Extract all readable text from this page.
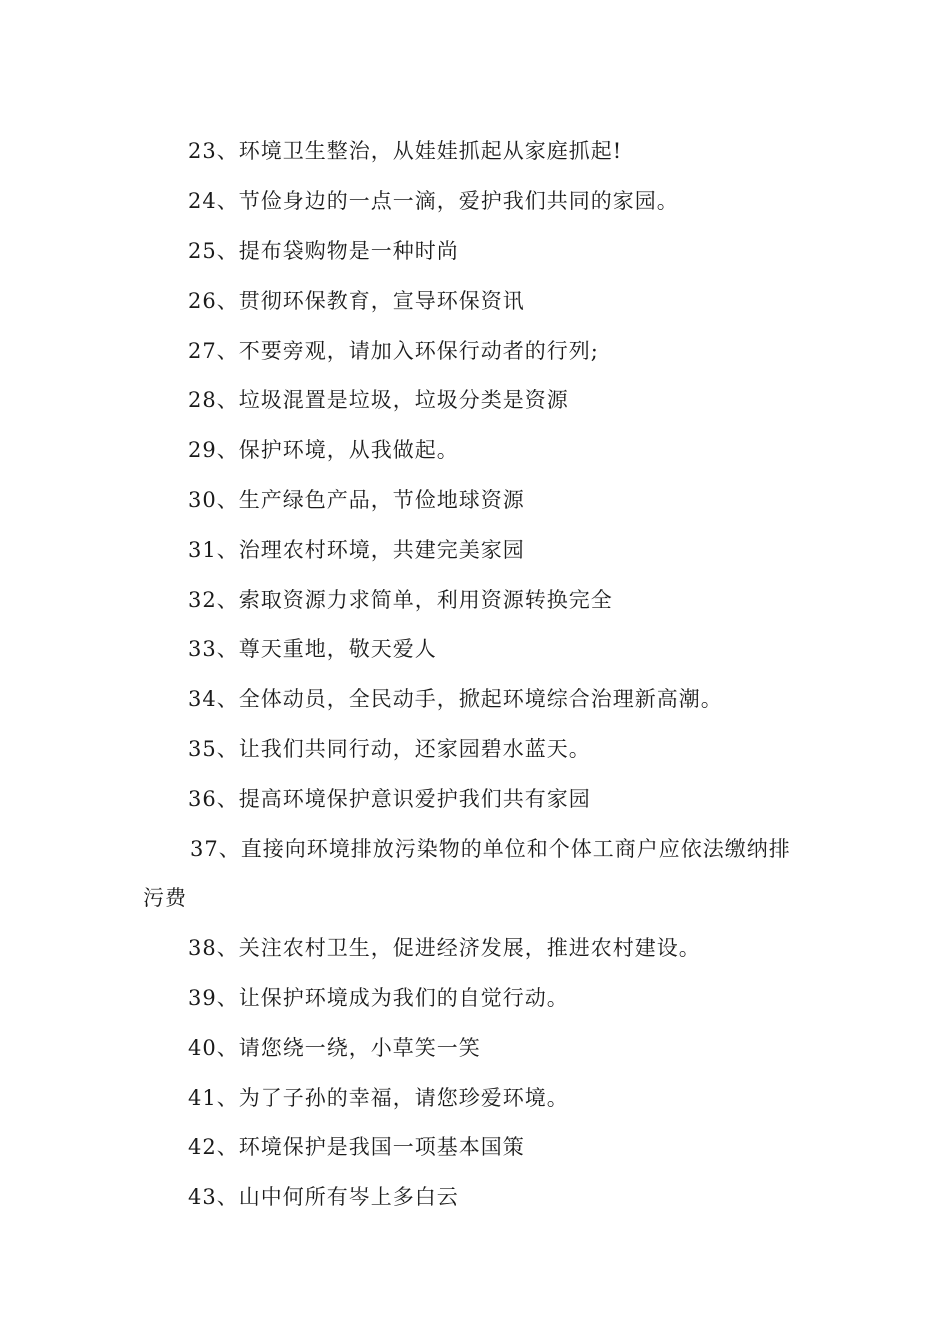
23、环境卫生整治，从娃娃抓起从家庭抓起!
24、节俭身边的一点一滴，爱护我们共同的家园。
25、提布袋购物是一种时尚
26、贯彻环保教育，宣导环保资讯
27、不要旁观，请加入环保行动者的行列;
28、垃圾混置是垃圾，垃圾分类是资源
29、保护环境，从我做起。
30、生产绿色产品，节俭地球资源
31、治理农村环境，共建完美家园
32、索取资源力求简单，利用资源转换完全
33、尊天重地，敬天爱人
34、全体动员，全民动手，掀起环境综合治理新高潮。
35、让我们共同行动，还家园碧水蓝天。
36、提高环境保护意识爱护我们共有家园
37、直接向环境排放污染物的单位和个体工商户应依法缴纳排
污费
38、关注农村卫生，促进经济发展，推进农村建设。
39、让保护环境成为我们的自觉行动。
40、请您绕一绕，小草笑一笑
41、为了子孙的幸福，请您珍爱环境。
42、环境保护是我国一项基本国策
43、山中何所有岑上多白云
